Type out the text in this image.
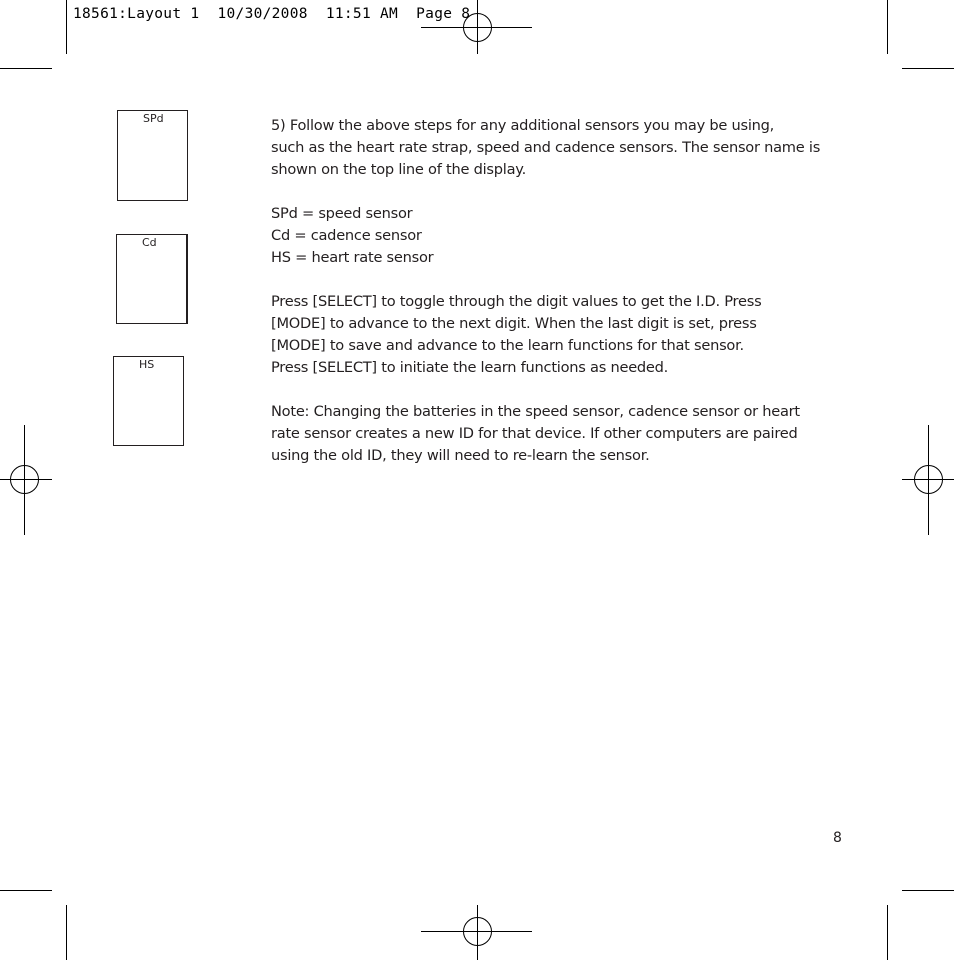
18561:Layout 1  10/30/2008  11:51 AM  Page 8
SPd
Cd
HS
5) Follow the above steps for any additional sensors you may be using,
such as the heart rate strap, speed and cadence sensors. The sensor name is
shown on the top line of the display.
SPd = speed sensor
Cd = cadence sensor
HS = heart rate sensor
Press [SELECT] to toggle through the digit values to get the I.D. Press
[MODE] to advance to the next digit. When the last digit is set, press
[MODE] to save and advance to the learn functions for that sensor.
Press [SELECT] to initiate the learn functions as needed.
Note: Changing the batteries in the speed sensor, cadence sensor or heart
rate sensor creates a new ID for that device. If other computers are paired
using the old ID, they will need to re-learn the sensor.
8
